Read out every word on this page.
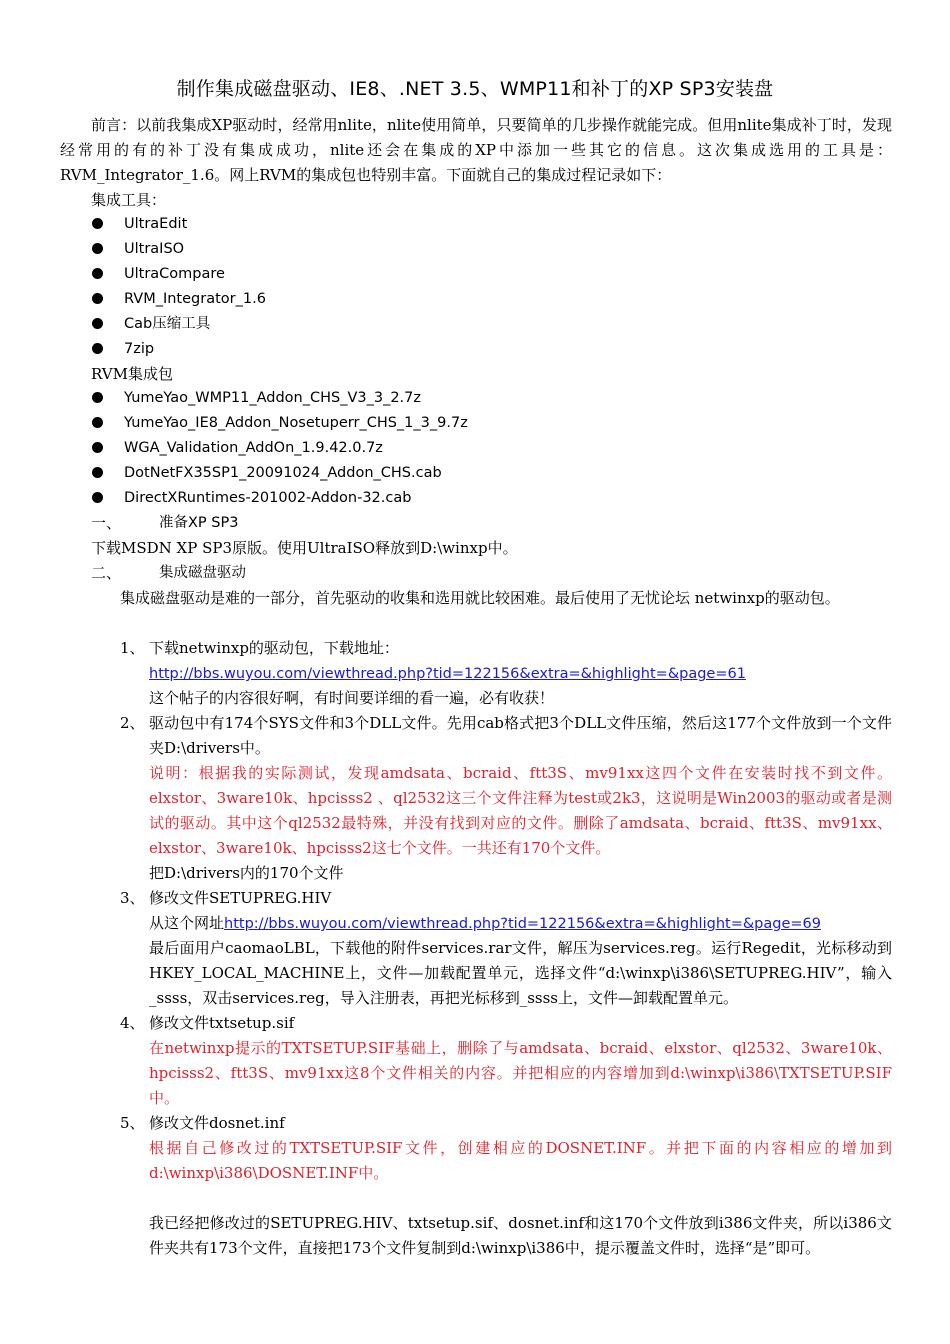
制作集成磁盘驱动、IE8、.NET 3.5、WMP11和补丁的XP SP3安装盘
前言：以前我集成XP驱动时，经常用nlite，nlite使用简单，只要简单的几步操作就能完成。但用nlite集成补丁时，发现经常用的有的补丁没有集成成功，nlite还会在集成的XP中添加一些其它的信息。这次集成选用的工具是：RVM_Integrator_1.6。网上RVM的集成包也特别丰富。下面就自己的集成过程记录如下：
集成工具：
UltraEdit
UltraISO
UltraCompare
RVM_Integrator_1.6
Cab压缩工具
7zip
RVM集成包
YumeYao_WMP11_Addon_CHS_V3_3_2.7z
YumeYao_IE8_Addon_Nosetuperr_CHS_1_3_9.7z
WGA_Validation_AddOn_1.9.42.0.7z
DotNetFX35SP1_20091024_Addon_CHS.cab
DirectXRuntimes-201002-Addon-32.cab
一、	准备XP SP3
下载MSDN XP SP3原版。使用UltraISO释放到D:\winxp中。
二、	集成磁盘驱动
集成磁盘驱动是难的一部分，首先驱动的收集和选用就比较困难。最后使用了无忧论坛 netwinxp的驱动包。
1、 下载netwinxp的驱动包，下载地址：
http://bbs.wuyou.com/viewthread.php?tid=122156&extra=&highlight=&page=61
这个帖子的内容很好啊，有时间要详细的看一遍，必有收获！
2、 驱动包中有174个SYS文件和3个DLL文件。先用cab格式把3个DLL文件压缩，然后这177个文件放到一个文件夹D:\drivers中。
说明：根据我的实际测试，发现amdsata、bcraid、ftt3S、mv91xx这四个文件在安装时找不到文件。elxstor、3ware10k、hpcisss2 、ql2532这三个文件注释为test或2k3，这说明是Win2003的驱动或者是测试的驱动。其中这个ql2532最特殊，并没有找到对应的文件。删除了amdsata、bcraid、ftt3S、mv91xx、elxstor、3ware10k、hpcisss2这七个文件。一共还有170个文件。
把D:\drivers内的170个文件
3、 修改文件SETUPREG.HIV
从这个网址http://bbs.wuyou.com/viewthread.php?tid=122156&extra=&highlight=&page=69
最后面用户caomaoLBL，下载他的附件services.rar文件，解压为services.reg。运行Regedit，光标移动到HKEY_LOCAL_MACHINE上，文件—加载配置单元，选择文件“d:\winxp\i386\SETUPREG.HIV”，输入_ssss，双击services.reg，导入注册表，再把光标移到_ssss上，文件—卸载配置单元。
4、 修改文件txtsetup.sif
在netwinxp提示的TXTSETUP.SIF基础上，删除了与amdsata、bcraid、elxstor、ql2532、3ware10k、hpcisss2、ftt3S、mv91xx这8个文件相关的内容。并把相应的内容增加到d:\winxp\i386\TXTSETUP.SIF中。
5、 修改文件dosnet.inf
根据自己修改过的TXTSETUP.SIF文件，创建相应的DOSNET.INF。并把下面的内容相应的增加到d:\winxp\i386\DOSNET.INF中。
我已经把修改过的SETUPREG.HIV、txtsetup.sif、dosnet.inf和这170个文件放到i386文件夹，所以i386文件夹共有173个文件，直接把173个文件复制到d:\winxp\i386中，提示覆盖文件时，选择“是”即可。
